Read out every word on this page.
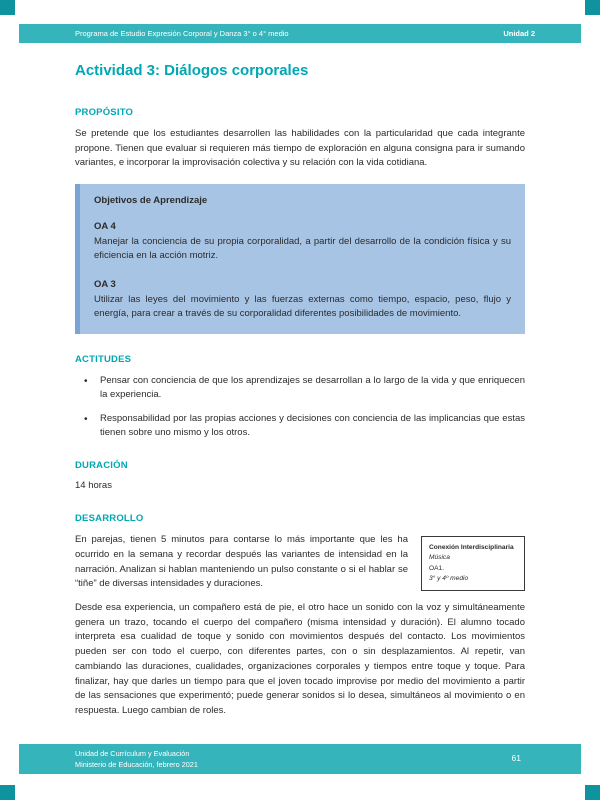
Programa de Estudio Expresión Corporal y Danza 3° o 4° medio	Unidad 2
Actividad 3: Diálogos corporales
PROPÓSITO

Se pretende que los estudiantes desarrollen las habilidades con la particularidad que cada integrante propone. Tienen que evaluar si requieren más tiempo de exploración en alguna consigna para ir sumando variantes, e incorporar la improvisación colectiva y su relación con la vida cotidiana.

Objetivos de Aprendizaje

OA 4

Manejar la conciencia de su propia corporalidad, a partir del desarrollo de la condición física y su eficiencia en la acción motriz.

OA 3

Utilizar las leyes del movimiento y las fuerzas externas como tiempo, espacio, peso, flujo y energía, para crear a través de su corporalidad diferentes posibilidades de movimiento.

ACTITUDES
• Pensar con conciencia de que los aprendizajes se desarrollan a lo largo de la vida y que enriquecen la experiencia.
• Responsabilidad por las propias acciones y decisiones con conciencia de las implicancias que estas tienen sobre uno mismo y los otros.
DURACIÓN

14 horas

DESARROLLO

En parejas, tienen 5 minutos para contarse lo más importante que les ha ocurrido en la semana y recordar después las variantes de intensidad en la narración. Analizan si hablan manteniendo un pulso constante o si el hablar se “tiñe” de diversas intensidades y duraciones.

Conexión Interdisciplinaria
Música
OA1.
3° y 4º medio

Desde esa experiencia, un compañero está de pie, el otro hace un sonido con la voz y simultáneamente genera un trazo, tocando el cuerpo del compañero (misma intensidad y duración). El alumno tocado interpreta esa cualidad de toque y sonido con movimientos después del contacto. Los movimientos pueden ser con todo el cuerpo, con diferentes partes, con o sin desplazamientos. Al repetir, van cambiando las duraciones, cualidades, organizaciones corporales y tiempos entre toque y toque. Para finalizar, hay que darles un tiempo para que el joven tocado improvise por medio del movimiento a partir de las sensaciones que experimentó; puede generar sonidos si lo desea, simultáneos al movimiento o en respuesta. Luego cambian de roles.

Unidad de Currículum y Evaluación
Ministerio de Educación, febrero 2021
61
